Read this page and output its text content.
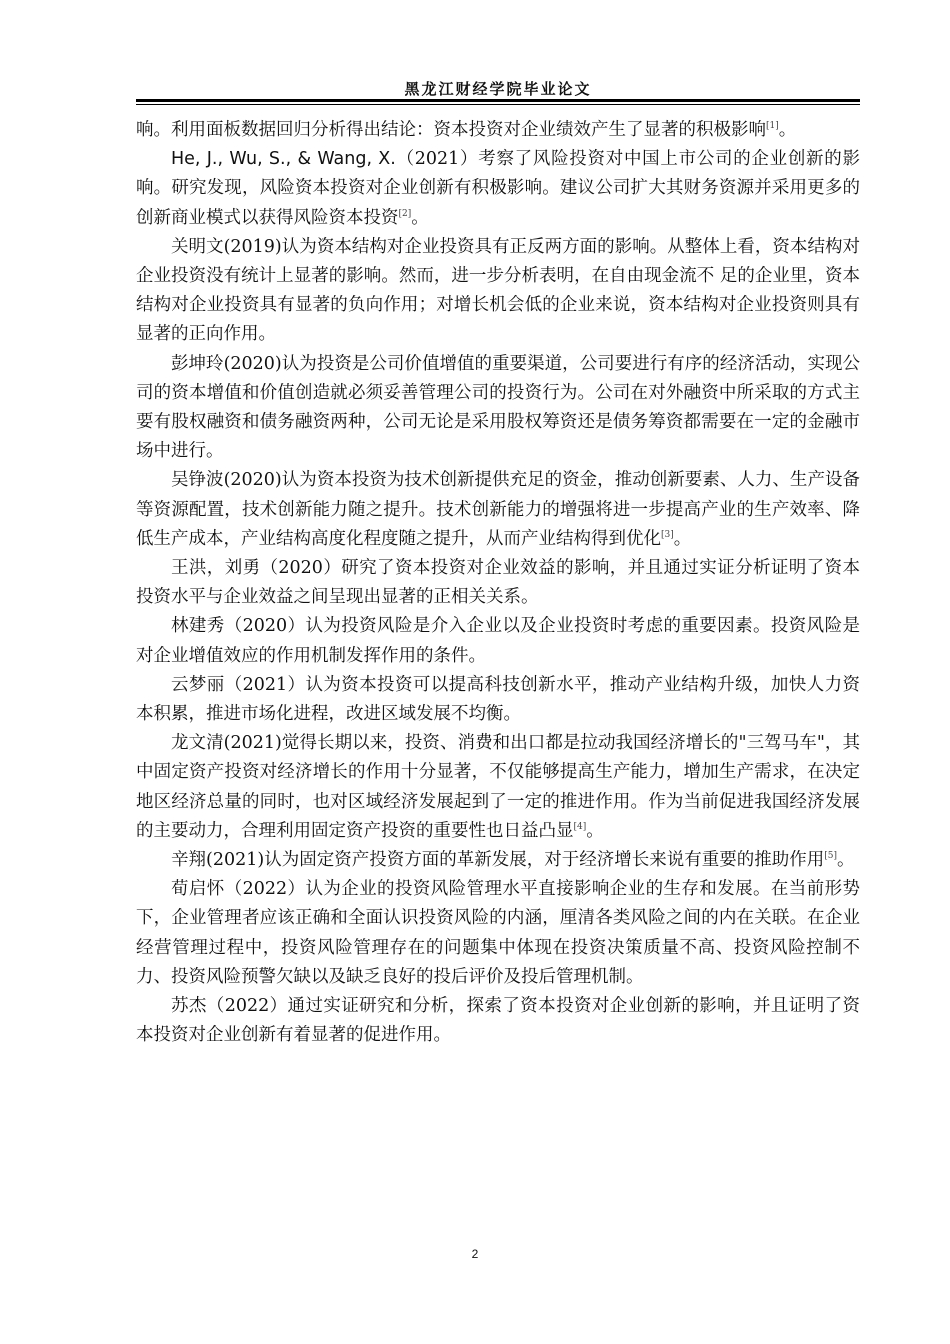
黑龙江财经学院毕业论文

响。利用面板数据回归分析得出结论：资本投资对企业绩效产生了显著的积极影响[1]。

He, J., Wu, S., & Wang, X.（2021）考察了风险投资对中国上市公司的企业创新的影响。研究发现，风险资本投资对企业创新有积极影响。建议公司扩大其财务资源并采用更多的创新商业模式以获得风险资本投资[2]。

关明文(2019)认为资本结构对企业投资具有正反两方面的影响。从整体上看，资本结构对企业投资没有统计上显著的影响。然而，进一步分析表明，在自由现金流不 足的企业里，资本结构对企业投资具有显著的负向作用；对增长机会低的企业来说，资本结构对企业投资则具有显著的正向作用。

彭坤玲(2020)认为投资是公司价值增值的重要渠道，公司要进行有序的经济活动，实现公司的资本增值和价值创造就必须妥善管理公司的投资行为。公司在对外融资中所采取的方式主要有股权融资和债务融资两种，公司无论是采用股权筹资还是债务筹资都需要在一定的金融市场中进行。

吴铮波(2020)认为资本投资为技术创新提供充足的资金，推动创新要素、人力、生产设备等资源配置，技术创新能力随之提升。技术创新能力的增强将进一步提高产业的生产效率、降低生产成本，产业结构高度化程度随之提升，从而产业结构得到优化[3]。

王洪，刘勇（2020）研究了资本投资对企业效益的影响，并且通过实证分析证明了资本投资水平与企业效益之间呈现出显著的正相关关系。

林建秀（2020）认为投资风险是介入企业以及企业投资时考虑的重要因素。投资风险是对企业增值效应的作用机制发挥作用的条件。

云梦丽（2021）认为资本投资可以提高科技创新水平，推动产业结构升级，加快人力资本积累，推进市场化进程，改进区域发展不均衡。

龙文清(2021)觉得长期以来，投资、消费和出口都是拉动我国经济增长的"三驾马车"，其中固定资产投资对经济增长的作用十分显著，不仅能够提高生产能力，增加生产需求，在决定地区经济总量的同时，也对区域经济发展起到了一定的推进作用。作为当前促进我国经济发展的主要动力，合理利用固定资产投资的重要性也日益凸显[4]。

辛翔(2021)认为固定资产投资方面的革新发展，对于经济增长来说有重要的推助作用[5]。

荀启怀（2022）认为企业的投资风险管理水平直接影响企业的生存和发展。在当前形势下，企业管理者应该正确和全面认识投资风险的内涵，厘清各类风险之间的内在关联。在企业经营管理过程中，投资风险管理存在的问题集中体现在投资决策质量不高、投资风险控制不力、投资风险预警欠缺以及缺乏良好的投后评价及投后管理机制。

苏杰（2022）通过实证研究和分析，探索了资本投资对企业创新的影响，并且证明了资本投资对企业创新有着显著的促进作用。

2
